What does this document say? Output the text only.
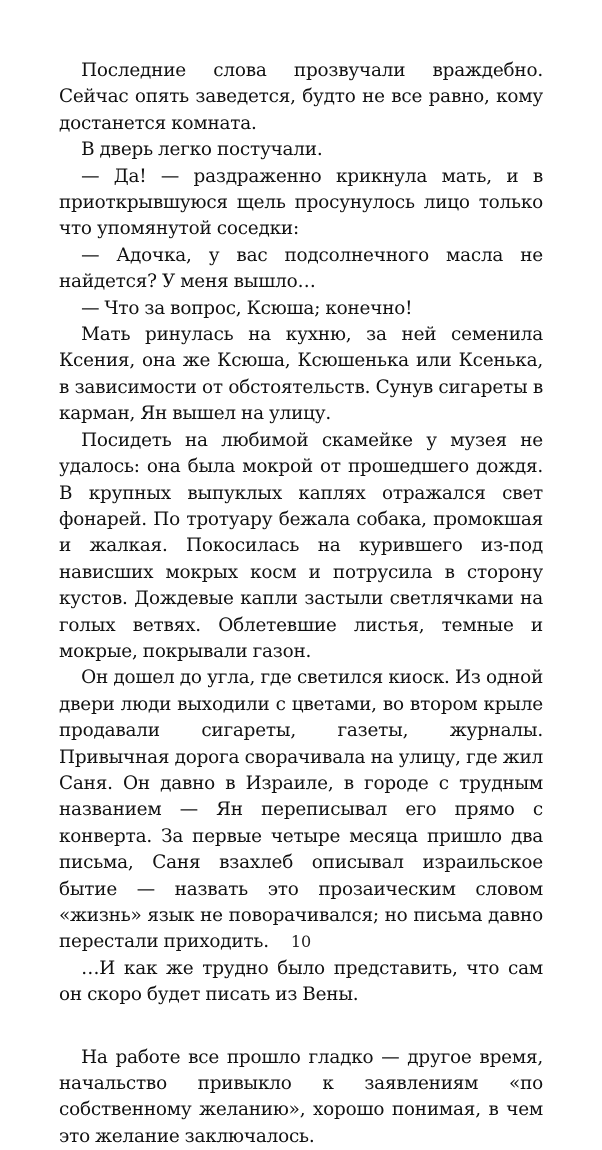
Последние слова прозвучали враждебно. Сейчас опять заведется, будто не все равно, кому достанется комната.

В дверь легко постучали.

— Да! — раздраженно крикнула мать, и в приоткрывшуюся щель просунулось лицо только что упомянутой соседки:

— Адочка, у вас подсолнечного масла не найдется? У меня вышло…

— Что за вопрос, Ксюша; конечно!

Мать ринулась на кухню, за ней семенила Ксения, она же Ксюша, Ксюшенька или Ксенька, в зависимости от обстоятельств. Сунув сигареты в карман, Ян вышел на улицу.

Посидеть на любимой скамейке у музея не удалось: она была мокрой от прошедшего дождя. В крупных выпуклых каплях отражался свет фонарей. По тротуару бежала собака, промокшая и жалкая. Покосилась на курившего из-под нависших мокрых косм и потрусила в сторону кустов. Дождевые капли застыли светлячками на голых ветвях. Облетевшие листья, темные и мокрые, покрывали газон.

Он дошел до угла, где светился киоск. Из одной двери люди выходили с цветами, во втором крыле продавали сигареты, газеты, журналы. Привычная дорога сворачивала на улицу, где жил Саня. Он давно в Израиле, в городе с трудным названием — Ян переписывал его прямо с конверта. За первые четыре месяца пришло два письма, Саня взахлеб описывал израильское бытие — назвать это прозаическим словом «жизнь» язык не поворачивался; но письма давно перестали приходить.

…И как же трудно было представить, что сам он скоро будет писать из Вены.

На работе все прошло гладко — другое время, начальство привыкло к заявлениям «по собственному желанию», хорошо понимая, в чем это желание заключалось.

10
